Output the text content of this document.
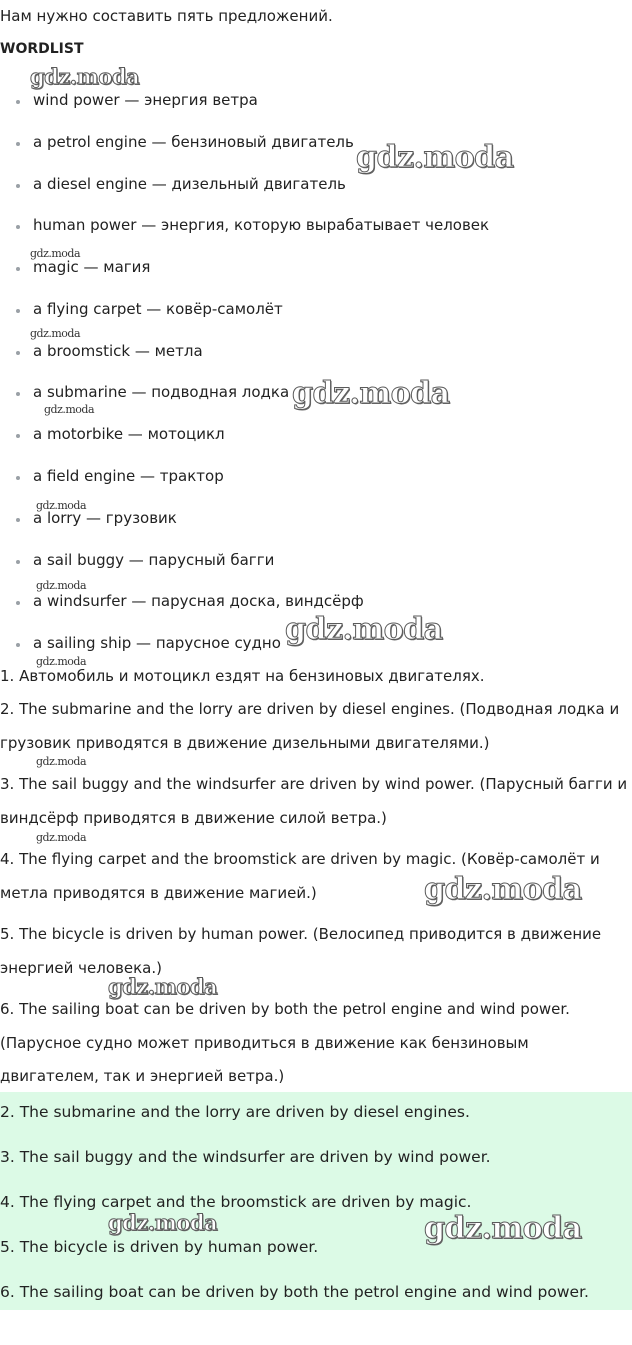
Нам нужно составить пять предложений.
WORDLIST
wind power — энергия ветра
a petrol engine — бензиновый двигатель
a diesel engine — дизельный двигатель
human power — энергия, которую вырабатывает человек
magic — магия
a flying carpet — ковёр-самолёт
a broomstick — метла
a submarine — подводная лодка
a motorbike — мотоцикл
a field engine — трактор
a lorry — грузовик
a sail buggy — парусный багги
a windsurfer — парусная доска, виндсёрф
a sailing ship — парусное судно

1. Автомобиль и мотоцикл ездят на бензиновых двигателях.

2. The submarine and the lorry are driven by diesel engines. (Подводная лодка и грузовик приводятся в движение дизельными двигателями.)

3. The sail buggy and the windsurfer are driven by wind power. (Парусный багги и виндсёрф приводятся в движение силой ветра.)

4. The flying carpet and the broomstick are driven by magic. (Ковёр-самолёт и метла приводятся в движение магией.)

5. The bicycle is driven by human power. (Велосипед приводится в движение энергией человека.)

6. The sailing boat can be driven by both the petrol engine and wind power. (Парусное судно может приводиться в движение как бензиновым двигателем, так и энергией ветра.)

2. The submarine and the lorry are driven by diesel engines.

3. The sail buggy and the windsurfer are driven by wind power.

4. The flying carpet and the broomstick are driven by magic.

5. The bicycle is driven by human power.

6. The sailing boat can be driven by both the petrol engine and wind power.

gdz.moda
gdz.moda
gdz.moda
gdz.moda
gdz.moda
gdz.moda
gdz.moda
gdz.moda
gdz.moda
gdz.moda
gdz.moda
gdz.moda
gdz.moda
gdz.moda
gdz.moda	gdz.moda
